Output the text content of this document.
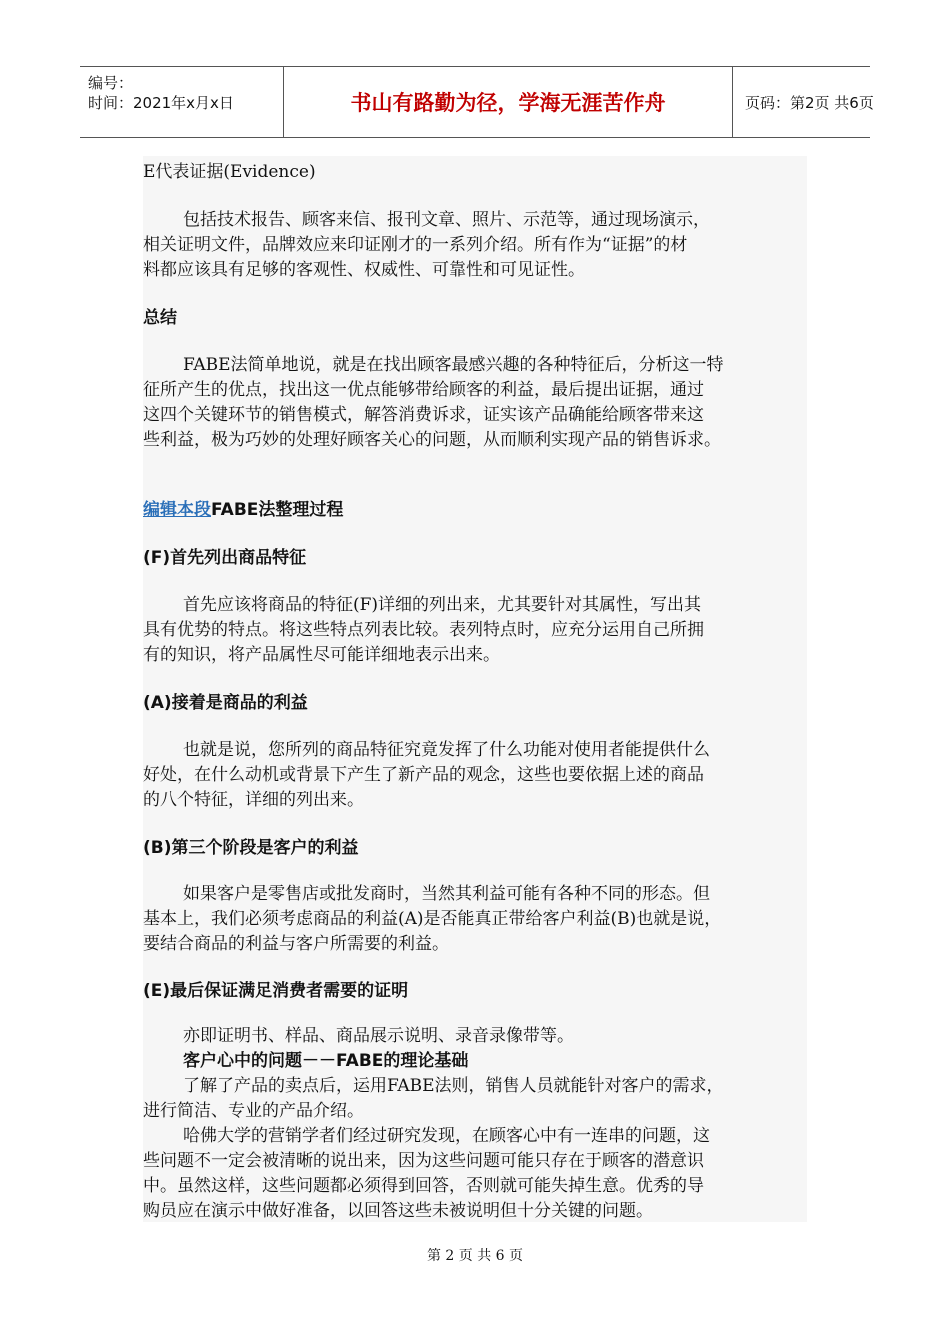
编号：
时间：2021年x月x日	书山有路勤为径，学海无涯苦作舟	页码：第2页 共6页
E代表证据(Evidence)
包括技术报告、顾客来信、报刊文章、照片、示范等，通过现场演示，
相关证明文件，品牌效应来印证刚才的一系列介绍。所有作为“证据”的材
料都应该具有足够的客观性、权威性、可靠性和可见证性。
总结
FABE法简单地说，就是在找出顾客最感兴趣的各种特征后，分析这一特
征所产生的优点，找出这一优点能够带给顾客的利益，最后提出证据，通过
这四个关键环节的销售模式，解答消费诉求，证实该产品确能给顾客带来这
些利益，极为巧妙的处理好顾客关心的问题，从而顺利实现产品的销售诉求。
编辑本段FABE法整理过程
(F)首先列出商品特征
首先应该将商品的特征(F)详细的列出来，尤其要针对其属性，写出其
具有优势的特点。将这些特点列表比较。表列特点时，应充分运用自己所拥
有的知识，将产品属性尽可能详细地表示出来。
(A)接着是商品的利益
也就是说，您所列的商品特征究竟发挥了什么功能对使用者能提供什么
好处，在什么动机或背景下产生了新产品的观念，这些也要依据上述的商品
的八个特征，详细的列出来。
(B)第三个阶段是客户的利益
如果客户是零售店或批发商时，当然其利益可能有各种不同的形态。但
基本上，我们必须考虑商品的利益(A)是否能真正带给客户利益(B)也就是说，
要结合商品的利益与客户所需要的利益。
(E)最后保证满足消费者需要的证明
亦即证明书、样品、商品展示说明、录音录像带等。
客户心中的问题－－FABE的理论基础
了解了产品的卖点后，运用FABE法则，销售人员就能针对客户的需求，
进行简洁、专业的产品介绍。
哈佛大学的营销学者们经过研究发现，在顾客心中有一连串的问题，这
些问题不一定会被清晰的说出来，因为这些问题可能只存在于顾客的潜意识
中。虽然这样，这些问题都必须得到回答，否则就可能失掉生意。优秀的导
购员应在演示中做好准备，以回答这些未被说明但十分关键的问题。
第 2 页 共 6 页
